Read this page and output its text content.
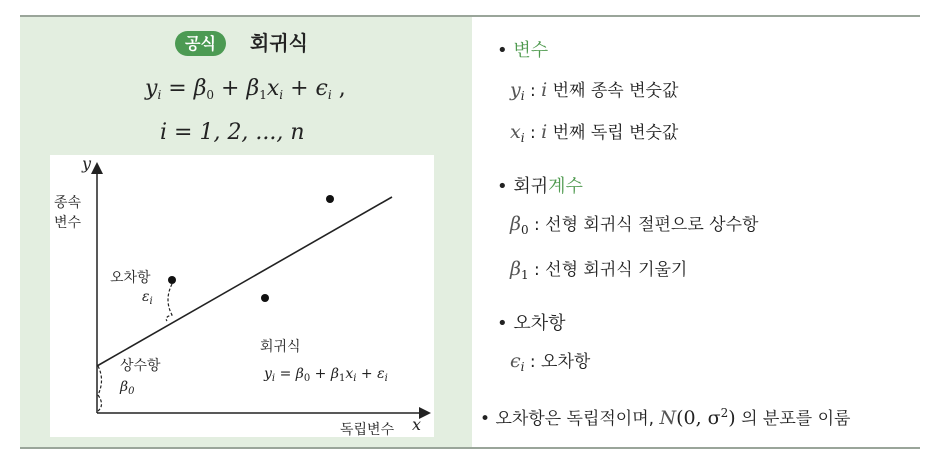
공식	회귀식
$y_i = \beta_0 + \beta_1x_i + \epsilon_i$ ,
i = 1, 2, ..., n
y
x
종속
변수
독립변수
오차항
$\varepsilon_i$
상수항
$\beta_0$
회귀식
$y_i = \beta_0 + \beta_1x_i + \varepsilon_i$
• 변수
$y_i$ : i 번째 종속 변숫값
$x_i$ : i 번째 독립 변숫값
• 회귀계수
$\beta_0$ : 선형 회귀식 절편으로 상수항
$\beta_1$ : 선형 회귀식 기울기
• 오차항
$\epsilon_i$ : 오차항
• 오차항은 독립적이며, N(0, $\sigma^2$) 의 분포를 이룸
